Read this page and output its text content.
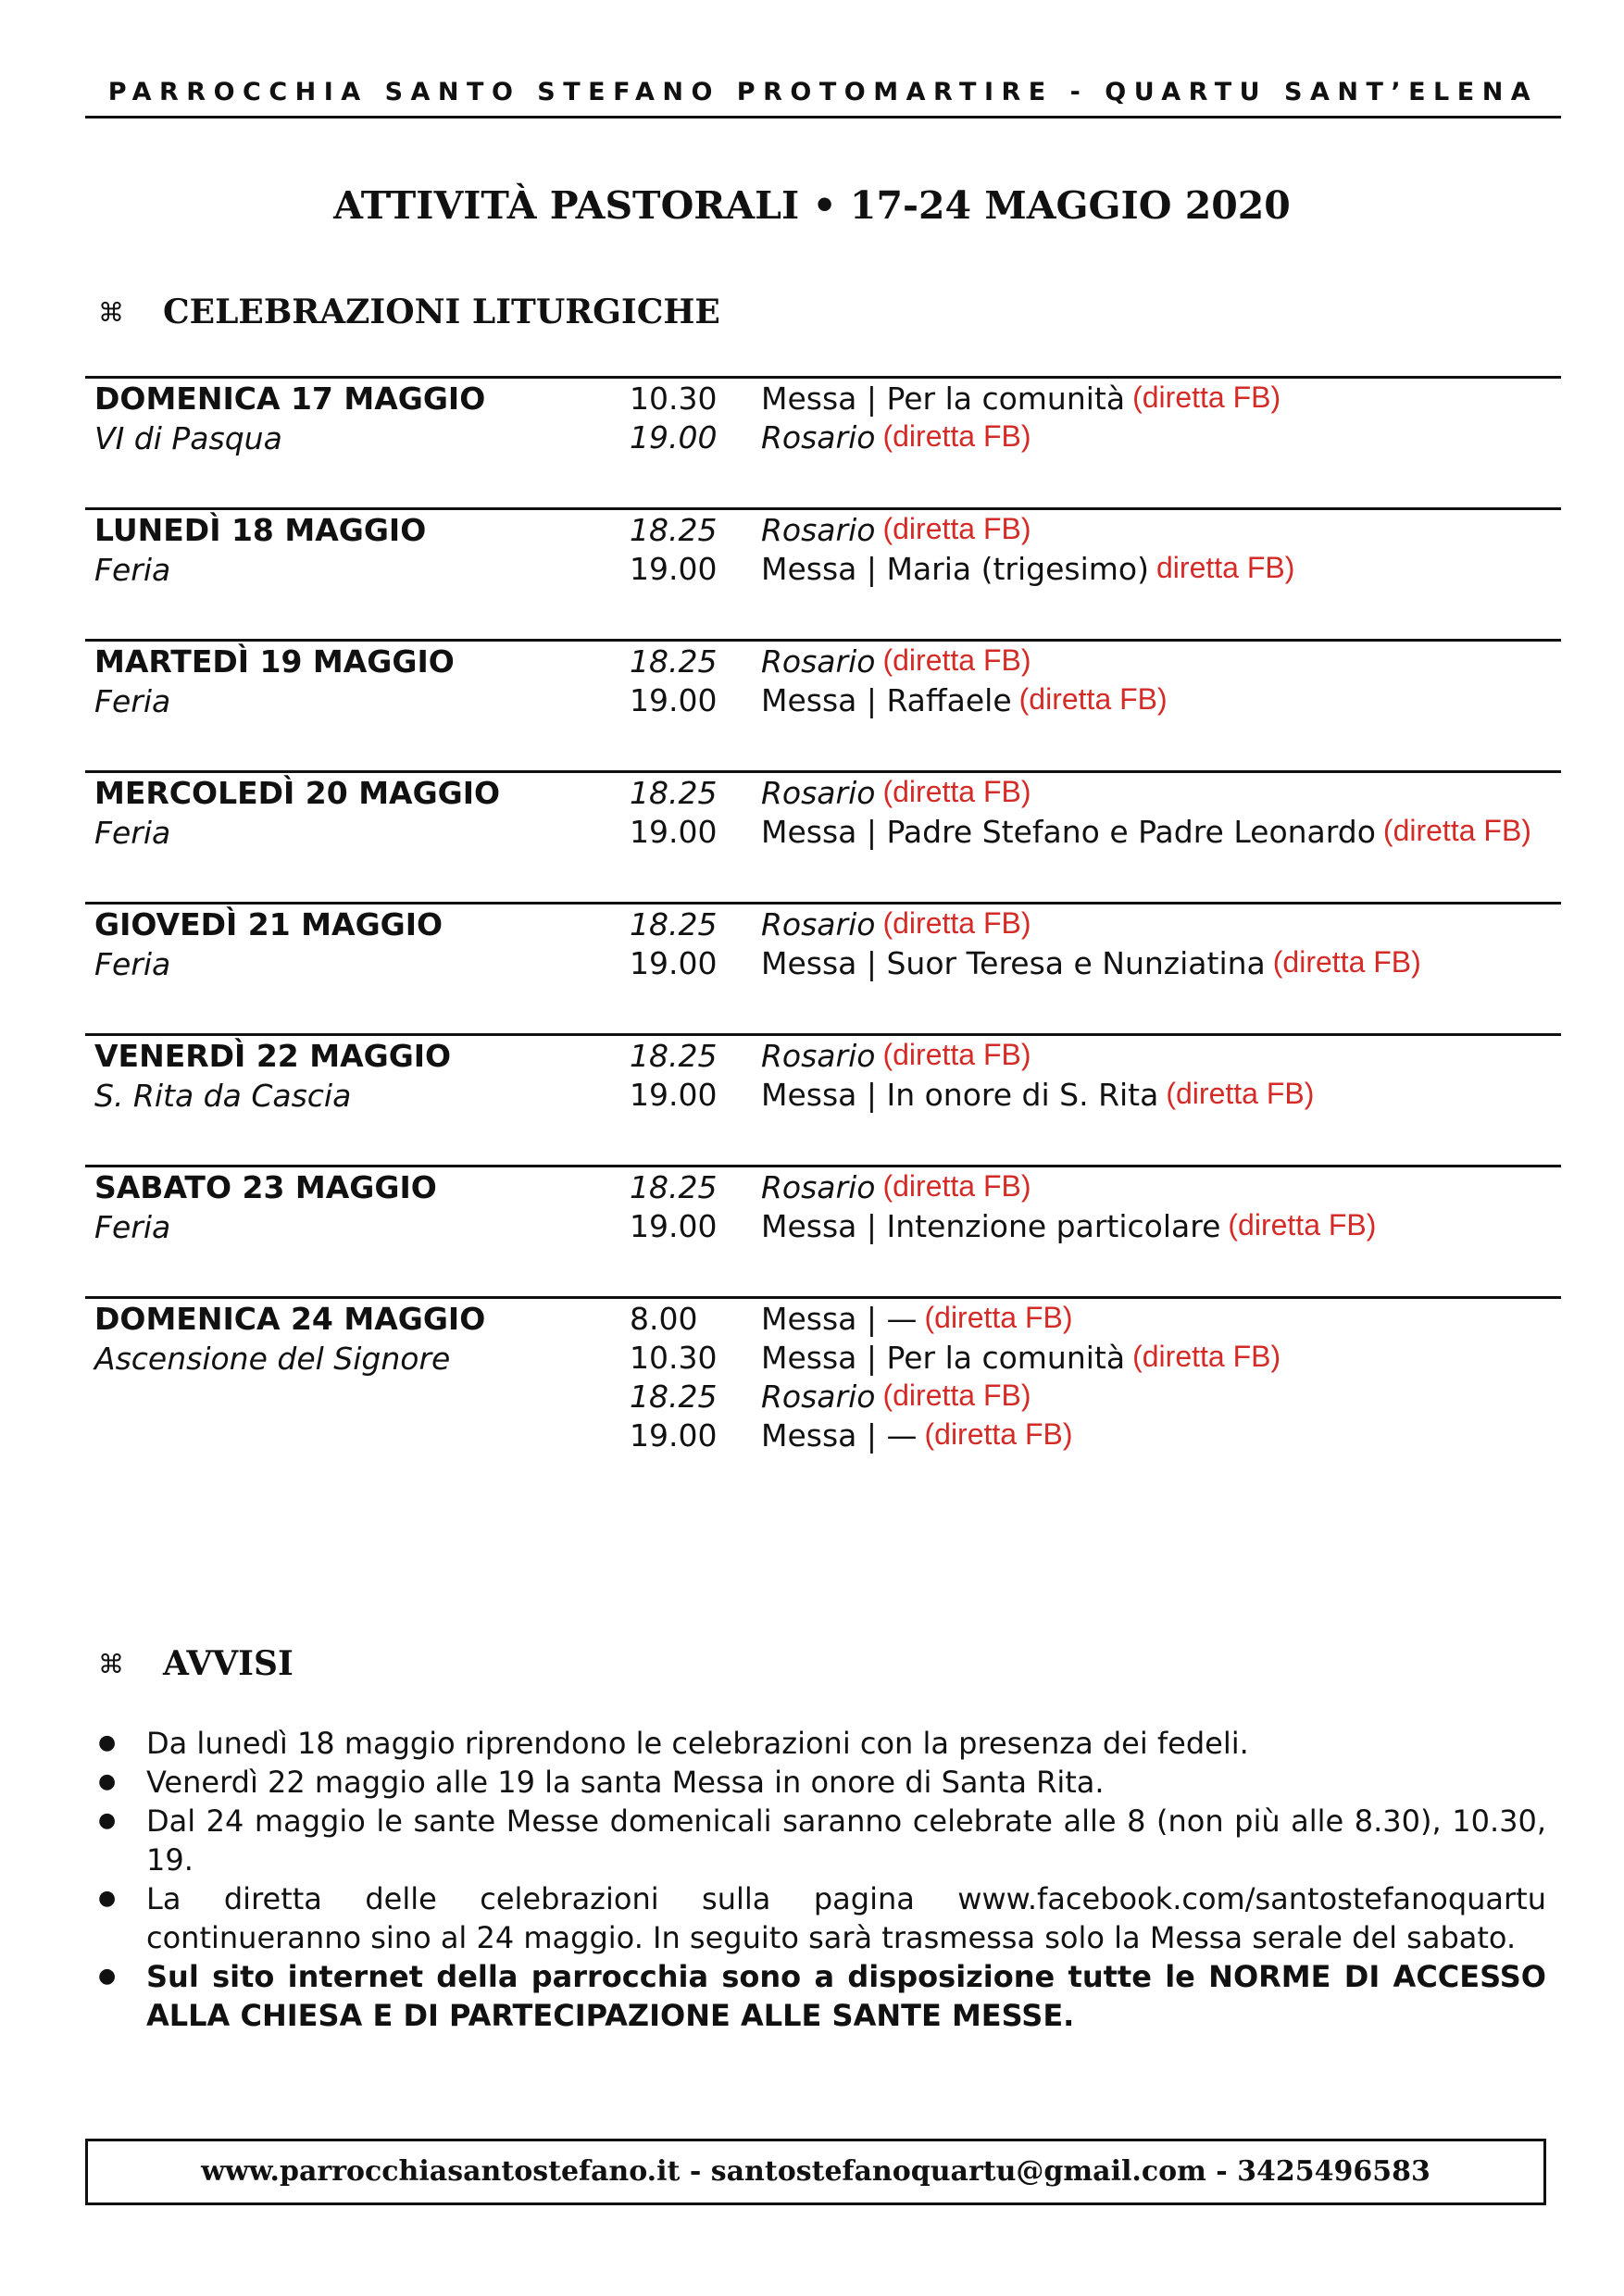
PARROCCHIA SANTO STEFANO PROTOMARTIRE - QUARTU SANT’ELENA
ATTIVITÀ PASTORALI • 17-24 MAGGIO 2020
⌘	CELEBRAZIONI LITURGICHE
DOMENICA 17 MAGGIO
VI di Pasqua
10.30	Messa | Per la comunità (diretta FB)
19.00	Rosario (diretta FB)
LUNEDÌ 18 MAGGIO
Feria
18.25	Rosario (diretta FB)
19.00	Messa | Maria (trigesimo) diretta FB)
MARTEDÌ 19 MAGGIO
Feria
18.25	Rosario (diretta FB)
19.00	Messa | Raffaele (diretta FB)
MERCOLEDÌ 20 MAGGIO
Feria
18.25	Rosario (diretta FB)
19.00	Messa | Padre Stefano e Padre Leonardo (diretta FB)
GIOVEDÌ 21 MAGGIO
Feria
18.25	Rosario (diretta FB)
19.00	Messa | Suor Teresa e Nunziatina (diretta FB)
VENERDÌ 22 MAGGIO
S. Rita da Cascia
18.25	Rosario (diretta FB)
19.00	Messa | In onore di S. Rita (diretta FB)
SABATO 23 MAGGIO
Feria
18.25	Rosario (diretta FB)
19.00	Messa | Intenzione particolare (diretta FB)
DOMENICA 24 MAGGIO
Ascensione del Signore
8.00	Messa | — (diretta FB)
10.30	Messa | Per la comunità (diretta FB)
18.25	Rosario (diretta FB)
19.00	Messa | — (diretta FB)
⌘	AVVISI
● Da lunedì 18 maggio riprendono le celebrazioni con la presenza dei fedeli.
● Venerdì 22 maggio alle 19 la santa Messa in onore di Santa Rita.
● Dal 24 maggio le sante Messe domenicali saranno celebrate alle 8 (non più alle 8.30), 10.30, 19.
● La diretta delle celebrazioni sulla pagina www.facebook.com/santostefanoquartu continueranno sino al 24 maggio. In seguito sarà trasmessa solo la Messa serale del sabato.
● Sul sito internet della parrocchia sono a disposizione tutte le NORME DI ACCESSO ALLA CHIESA E DI PARTECIPAZIONE ALLE SANTE MESSE.
www.parrocchiasantostefano.it - santostefanoquartu@gmail.com - 3425496583
